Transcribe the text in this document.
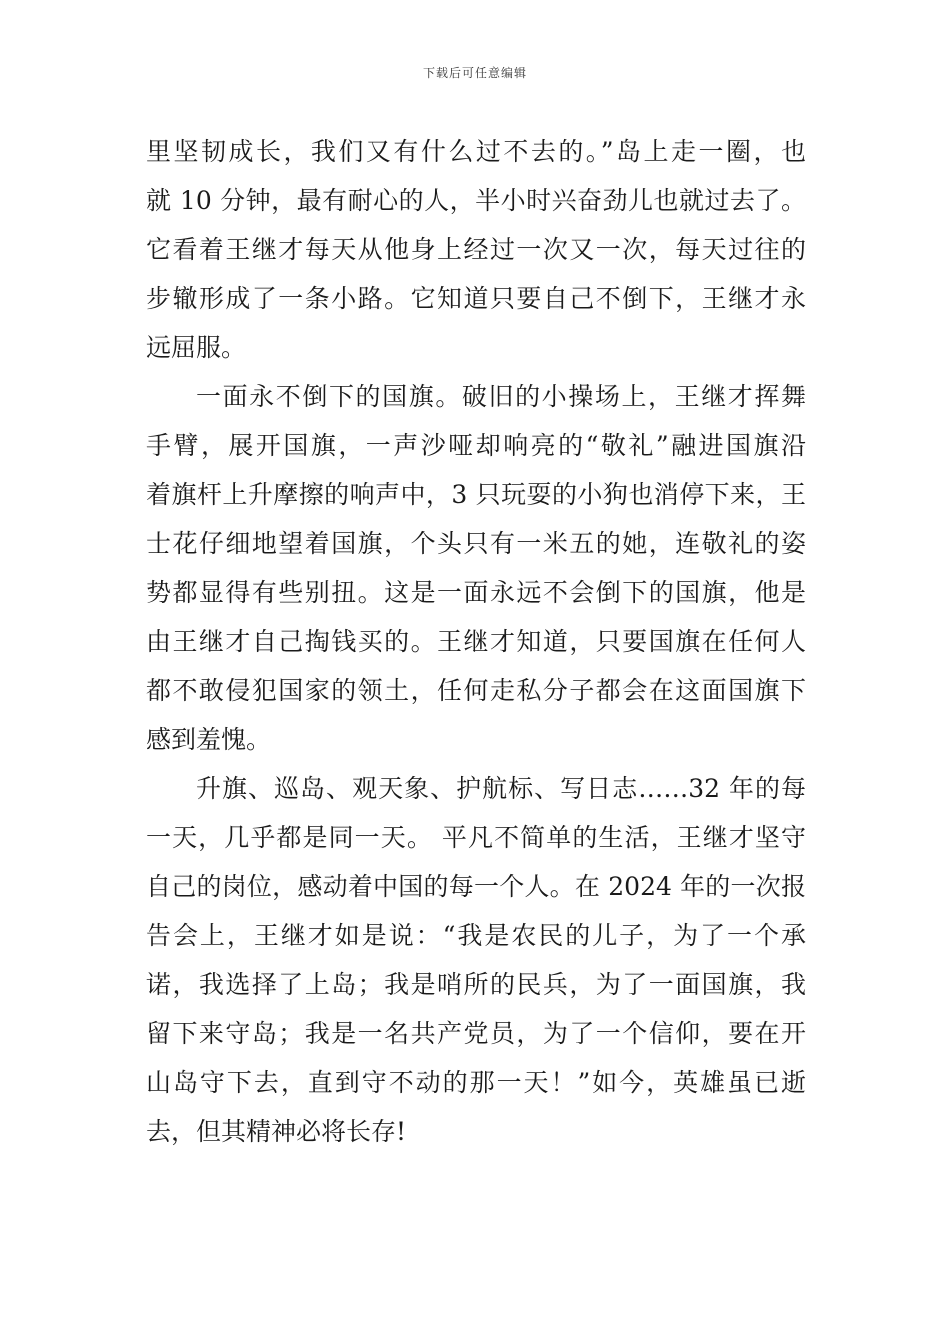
下载后可任意编辑
里坚韧成长，我们又有什么过不去的。”岛上走一圈，也
就 10 分钟，最有耐心的人，半小时兴奋劲儿也就过去了。
它看着王继才每天从他身上经过一次又一次，每天过往的
步辙形成了一条小路。它知道只要自己不倒下，王继才永
远屈服。
一面永不倒下的国旗。破旧的小操场上，王继才挥舞
手臂，展开国旗，一声沙哑却响亮的“敬礼”融进国旗沿
着旗杆上升摩擦的响声中，3 只玩耍的小狗也消停下来，王
士花仔细地望着国旗，个头只有一米五的她，连敬礼的姿
势都显得有些别扭。这是一面永远不会倒下的国旗，他是
由王继才自己掏钱买的。王继才知道，只要国旗在任何人
都不敢侵犯国家的领土，任何走私分子都会在这面国旗下
感到羞愧。
升旗、巡岛、观天象、护航标、写日志……32 年的每
一天，几乎都是同一天。 平凡不简单的生活，王继才坚守
自己的岗位，感动着中国的每一个人。在 2024 年的一次报
告会上，王继才如是说：“我是农民的儿子，为了一个承
诺，我选择了上岛；我是哨所的民兵，为了一面国旗，我
留下来守岛；我是一名共产党员，为了一个信仰，要在开
山岛守下去，直到守不动的那一天！”如今，英雄虽已逝
去，但其精神必将长存!
